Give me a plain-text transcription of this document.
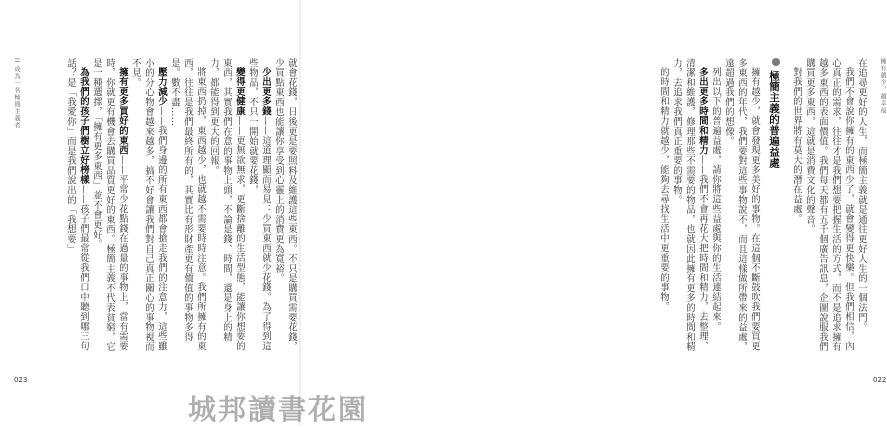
II 成為一名極簡主義者	就會花錢，日後更是要照料及維護這些東西。不只是購買需要花錢，少買點東西也能讓你享受到心靈上的消費更為寬裕。

少出更多錢——這道理顯而易見：少買東西就少花錢。為了得到這些物品，不只一開始就要花錢，

變得更健康——更無欲無求，更斷捨離的生活型態，能讓你想要的東西，其實我們在意的事物上頭，不論是錢、時間，還是身上的精力，都能得到更大的回報。

將東西扔掉，東西越少，也就越不需要時時注意。我們所擁有的東西，往往是我們最終所有的，其實比有形財產更有價值的事物多得是。數不盡……

壓力減少——我們身邊的所有東西都會搶走我們的注意力，這些雖小的分心物會越來越多，搞不好會讓我們對自己真正關心的事物視而不見。

擁有更多買好的東西——平常少花點錢在過量的事物上，當有需要時，你就更有機會去購買品質更好的東西。極簡主義不代表貧窮，它是一種選擇，「擁有更多東西」並不會更好。

為我們的孩子們樹立好榜樣——孩子們最常從我們口中聽到哪三句話？是「我愛你」而是我們說出的「我想要」

023

在追尋更好的人生，而極簡主義就是通往更好人生的一個法門。

我們不會說你擁有的東西少了，就會變得更快樂。但我們相信，內心真正的需求，往往才是我們想要把握生活的方式，而不是追求擁有越多東西的表面價值。我們每天都有五千個廣告訊息，企圖說服我們購買更多東西，這就是消費文化的聲音。

對我們的世界將有莫大的潛在益處。

極簡主義的普遍益處

擁有越少，就會發現更多美好的事物。在這個不斷鼓吹我們要買更多東西的年代，我們要對這些事物說不，而且這樣做所帶來的益處，遠超過我們的想像。

列出以下的普遍益處，請你將這些益處與你的生活連結起來。

多出更多時間和精力——我們不會再花大把時間和精力，去整理、清潔和維護，修理那些不需要的物品，也就因此擁有更多的時間和精力，去追求我們真正重要的事物。

的時間和精力就越少，能夠去尋找生活中更重要的事物。	擁有越少，越幸福
022
城邦讀書花園
